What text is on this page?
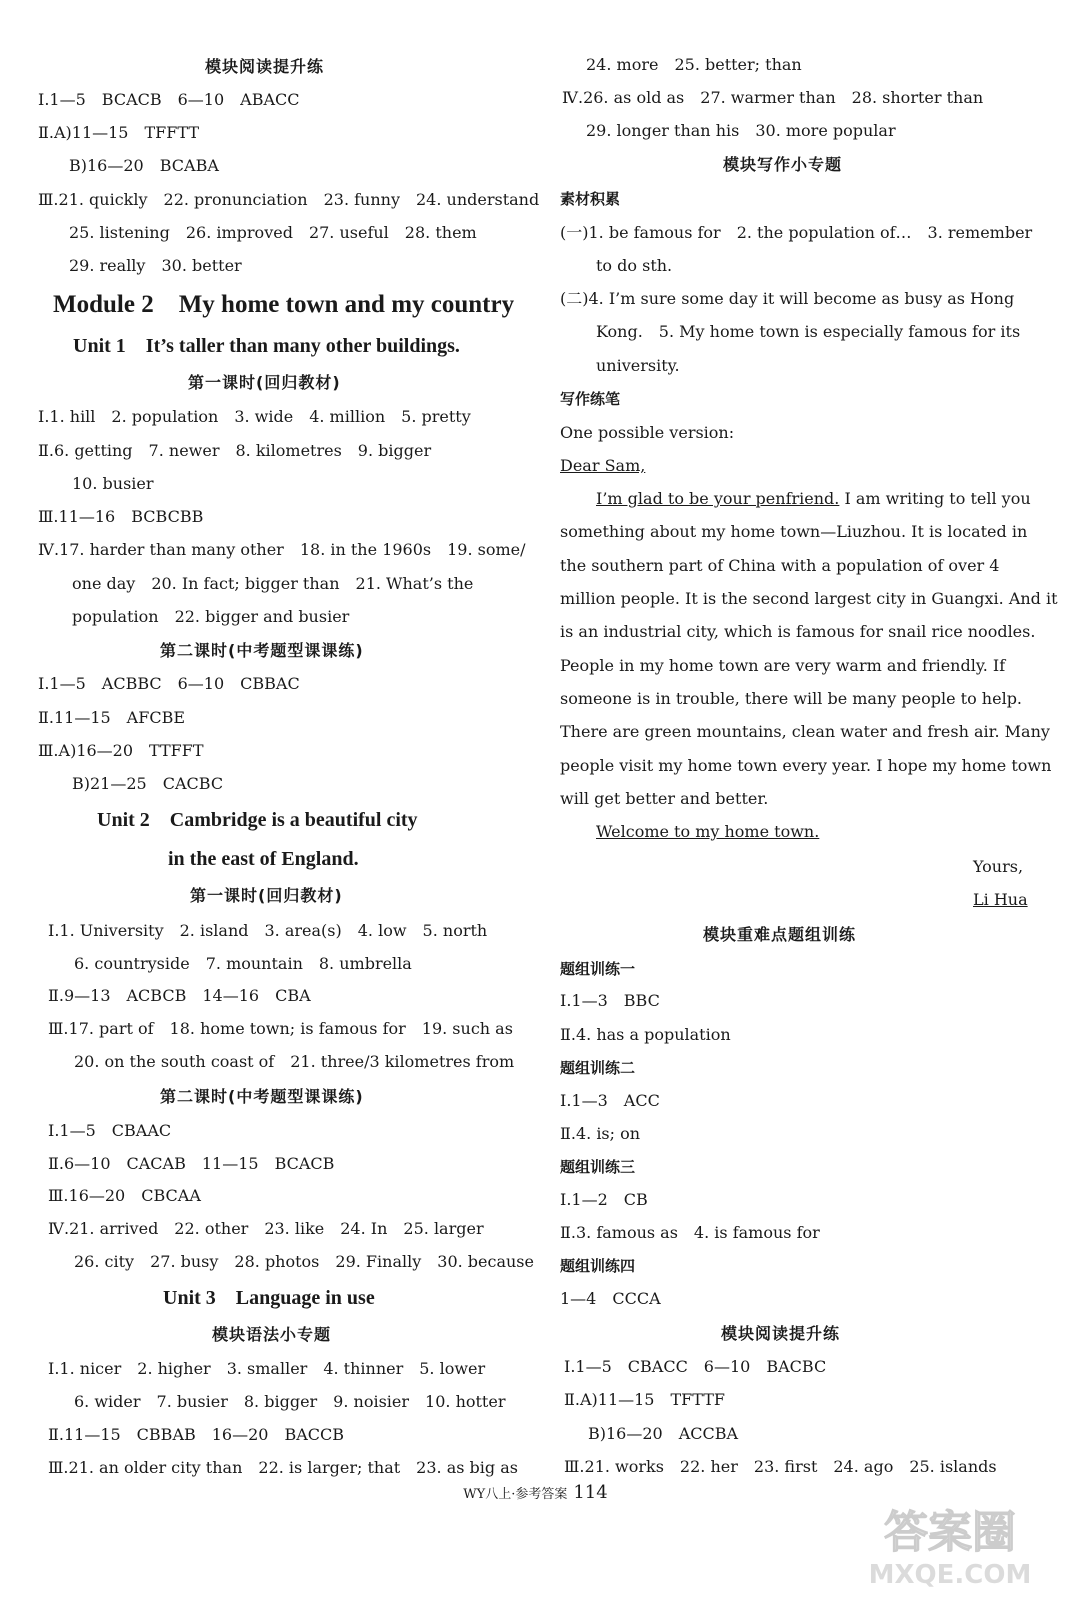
模块阅读提升练
Ⅰ.1—5　BCACB　6—10　ABACC
Ⅱ.A)11—15　TFFTT
B)16—20　BCABA
Ⅲ.21. quickly　22. pronunciation　23. funny　24. understand
25. listening　26. improved　27. useful　28. them
29. really　30. better
Module 2　My home town and my country
Unit 1　It’s taller than many other buildings.
第一课时(回归教材)
Ⅰ.1. hill　2. population　3. wide　4. million　5. pretty
Ⅱ.6. getting　7. newer　8. kilometres　9. bigger
10. busier
Ⅲ.11—16　BCBCBB
Ⅳ.17. harder than many other　18. in the 1960s　19. some/
one day　20. In fact; bigger than　21. What’s the
population　22. bigger and busier
第二课时(中考题型课课练)
Ⅰ.1—5　ACBBC　6—10　CBBAC
Ⅱ.11—15　AFCBE
Ⅲ.A)16—20　TTFFT
B)21—25　CACBC
Unit 2　Cambridge is a beautiful city
in the east of England.
第一课时(回归教材)
Ⅰ.1. University　2. island　3. area(s)　4. low　5. north
6. countryside　7. mountain　8. umbrella
Ⅱ.9—13　ACBCB　14—16　CBA
Ⅲ.17. part of　18. home town; is famous for　19. such as
20. on the south coast of　21. three/3 kilometres from
第二课时(中考题型课课练)
Ⅰ.1—5　CBAAC
Ⅱ.6—10　CACAB　11—15　BCACB
Ⅲ.16—20　CBCAA
Ⅳ.21. arrived　22. other　23. like　24. In　25. larger
26. city　27. busy　28. photos　29. Finally　30. because
Unit 3　Language in use
模块语法小专题
Ⅰ.1. nicer　2. higher　3. smaller　4. thinner　5. lower
6. wider　7. busier　8. bigger　9. noisier　10. hotter
Ⅱ.11—15　CBBAB　16—20　BACCB
Ⅲ.21. an older city than　22. is larger; that　23. as big as
24. more　25. better; than
Ⅳ.26. as old as　27. warmer than　28. shorter than
29. longer than his　30. more popular
模块写作小专题
素材积累
(一)1. be famous for　2. the population of…　3. remember
to do sth.
(二)4. I’m sure some day it will become as busy as Hong
Kong.　5. My home town is especially famous for its
university.
写作练笔
One possible version:
Dear Sam,
I’m glad to be your penfriend. I am writing to tell you
something about my home town—Liuzhou. It is located in
the southern part of China with a population of over 4
million people. It is the second largest city in Guangxi. And it
is an industrial city, which is famous for snail rice noodles.
People in my home town are very warm and friendly. If
someone is in trouble, there will be many people to help.
There are green mountains, clean water and fresh air. Many
people visit my home town every year. I hope my home town
will get better and better.
Welcome to my home town.
Yours,
Li Hua
模块重难点题组训练
题组训练一
Ⅰ.1—3　BBC
Ⅱ.4. has a population
题组训练二
Ⅰ.1—3　ACC
Ⅱ.4. is; on
题组训练三
Ⅰ.1—2　CB
Ⅱ.3. famous as　4. is famous for
题组训练四
1—4　CCCA
模块阅读提升练
Ⅰ.1—5　CBACC　6—10　BACBC
Ⅱ.A)11—15　TFTTF
B)16—20　ACCBA
Ⅲ.21. works　22. her　23. first　24. ago　25. islands
WY八上·参考答案 114
答案圈
MXQE.COM
